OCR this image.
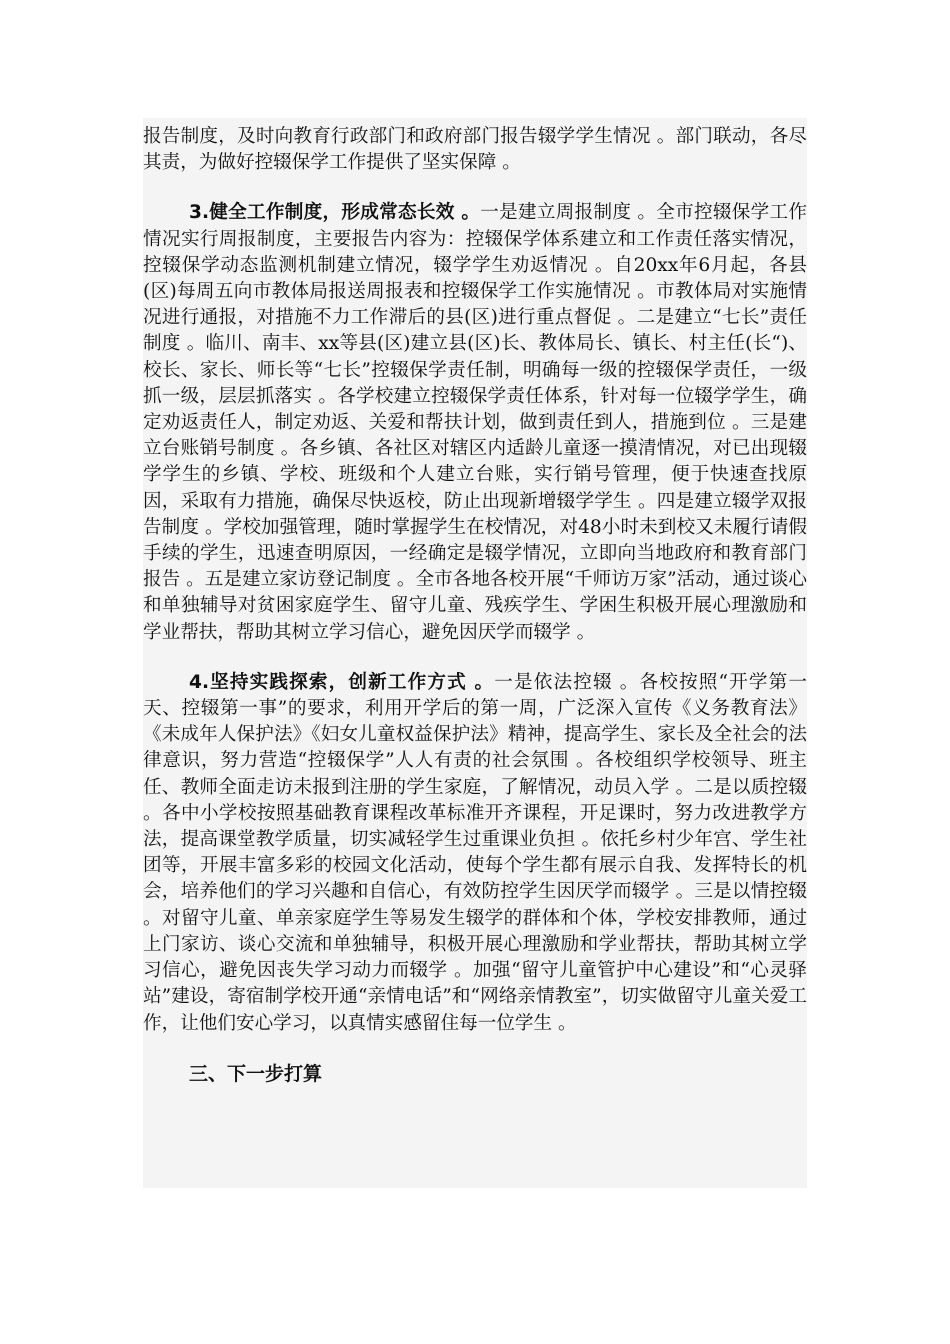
报告制度，及时向教育行政部门和政府部门报告辍学学生情况 。部门联动，各尽其责，为做好控辍保学工作提供了坚实保障 。

3.健全工作制度，形成常态长效 。一是建立周报制度 。全市控辍保学工作情况实行周报制度，主要报告内容为：控辍保学体系建立和工作责任落实情况，控辍保学动态监测机制建立情况，辍学学生劝返情况 。自20xx年6月起，各县(区)每周五向市教体局报送周报表和控辍保学工作实施情况 。市教体局对实施情况进行通报，对措施不力工作滞后的县(区)进行重点督促 。二是建立“七长”责任制度 。临川、南丰、xx等县(区)建立县(区)长、教体局长、镇长、村主任(长“)、校长、家长、师长等“七长”控辍保学责任制，明确每一级的控辍保学责任，一级抓一级，层层抓落实 。各学校建立控辍保学责任体系，针对每一位辍学学生，确定劝返责任人，制定劝返、关爱和帮扶计划，做到责任到人，措施到位 。三是建立台账销号制度 。各乡镇、各社区对辖区内适龄儿童逐一摸清情况，对已出现辍学学生的乡镇、学校、班级和个人建立台账，实行销号管理，便于快速查找原因，采取有力措施，确保尽快返校，防止出现新增辍学学生 。四是建立辍学双报告制度 。学校加强管理，随时掌握学生在校情况，对48小时未到校又未履行请假手续的学生，迅速查明原因，一经确定是辍学情况，立即向当地政府和教育部门报告 。五是建立家访登记制度 。全市各地各校开展“千师访万家”活动，通过谈心和单独辅导对贫困家庭学生、留守儿童、残疾学生、学困生积极开展心理激励和学业帮扶，帮助其树立学习信心，避免因厌学而辍学 。

4.坚持实践探索，创新工作方式 。一是依法控辍 。各校按照“开学第一天、控辍第一事”的要求，利用开学后的第一周，广泛深入宣传《义务教育法》《未成年人保护法》《妇女儿童权益保护法》精神，提高学生、家长及全社会的法律意识，努力营造“控辍保学”人人有责的社会氛围 。各校组织学校领导、班主任、教师全面走访未报到注册的学生家庭，了解情况，动员入学 。二是以质控辍 。各中小学校按照基础教育课程改革标准开齐课程，开足课时，努力改进教学方法，提高课堂教学质量，切实减轻学生过重课业负担 。依托乡村少年宫、学生社团等，开展丰富多彩的校园文化活动，使每个学生都有展示自我、发挥特长的机会，培养他们的学习兴趣和自信心，有效防控学生因厌学而辍学 。三是以情控辍 。对留守儿童、单亲家庭学生等易发生辍学的群体和个体，学校安排教师，通过上门家访、谈心交流和单独辅导，积极开展心理激励和学业帮扶，帮助其树立学习信心，避免因丧失学习动力而辍学 。加强“留守儿童管护中心建设”和“心灵驿站”建设，寄宿制学校开通“亲情电话”和“网络亲情教室”，切实做留守儿童关爱工作，让他们安心学习，以真情实感留住每一位学生 。

三、下一步打算
